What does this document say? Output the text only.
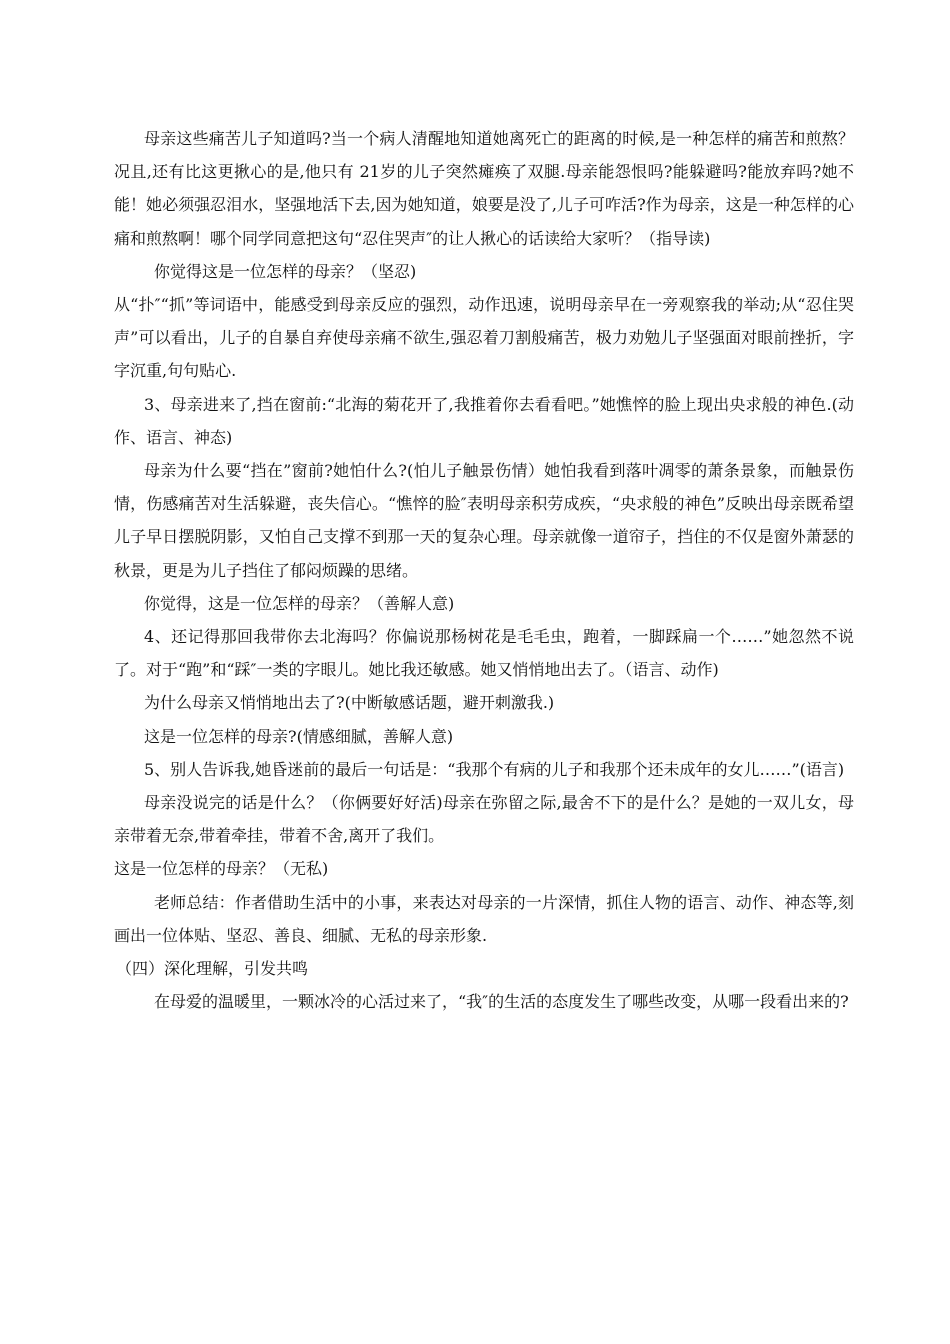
母亲这些痛苦儿子知道吗?当一个病人清醒地知道她离死亡的距离的时候,是一种怎样的痛苦和煎熬？况且,还有比这更揪心的是,他只有 21岁的儿子突然瘫痪了双腿.母亲能怨恨吗?能躲避吗?能放弃吗?她不能！她必须强忍泪水，坚强地活下去,因为她知道，娘要是没了,儿子可咋活?作为母亲，这是一种怎样的心痛和煎熬啊！哪个同学同意把这句“忍住哭声″的让人揪心的话读给大家听？（指导读)

你觉得这是一位怎样的母亲？（坚忍)

从“扑″“抓”等词语中，能感受到母亲反应的强烈，动作迅速，说明母亲早在一旁观察我的举动;从“忍住哭声”可以看出，儿子的自暴自弃使母亲痛不欲生,强忍着刀割般痛苦，极力劝勉儿子坚强面对眼前挫折，字字沉重,句句贴心.

3、母亲进来了,挡在窗前:“北海的菊花开了,我推着你去看看吧。”她憔悴的脸上现出央求般的神色.(动作、语言、神态)

母亲为什么要“挡在”窗前?她怕什么?(怕儿子触景伤情）她怕我看到落叶凋零的萧条景象，而触景伤情，伤感痛苦对生活躲避，丧失信心。“憔悴的脸″表明母亲积劳成疾，“央求般的神色”反映出母亲既希望儿子早日摆脱阴影，又怕自己支撑不到那一天的复杂心理。母亲就像一道帘子，挡住的不仅是窗外萧瑟的秋景，更是为儿子挡住了郁闷烦躁的思绪。

你觉得，这是一位怎样的母亲？（善解人意)

4、还记得那回我带你去北海吗？你偏说那杨树花是毛毛虫，跑着，一脚踩扁一个……”她忽然不说了。对于“跑”和“踩″一类的字眼儿。她比我还敏感。她又悄悄地出去了。（语言、动作)

为什么母亲又悄悄地出去了?(中断敏感话题，避开刺激我.)

这是一位怎样的母亲?(情感细腻，善解人意)

5、别人告诉我,她昏迷前的最后一句话是：“我那个有病的儿子和我那个还未成年的女儿……”(语言)

母亲没说完的话是什么？（你俩要好好活)母亲在弥留之际,最舍不下的是什么？是她的一双儿女，母亲带着无奈,带着牵挂，带着不舍,离开了我们。

这是一位怎样的母亲？（无私)

老师总结：作者借助生活中的小事，来表达对母亲的一片深情，抓住人物的语言、动作、神态等,刻画出一位体贴、坚忍、善良、细腻、无私的母亲形象.

（四）深化理解，引发共鸣

在母爱的温暖里，一颗冰冷的心活过来了，“我″的生活的态度发生了哪些改变，从哪一段看出来的?
